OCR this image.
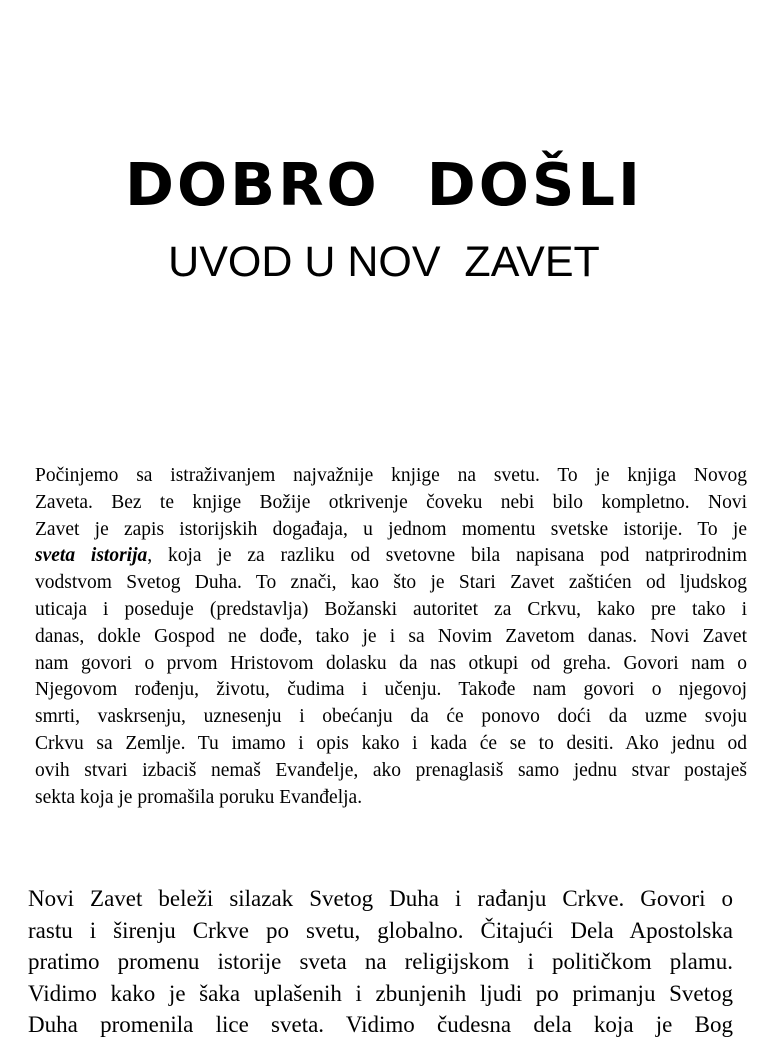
DOBRO  DOŠLI
UVOD U NOV  ZAVET
Počinjemo sa istraživanjem najvažnije knjige na svetu. To je knjiga Novog
Zaveta. Bez te knjige Božije otkrivenje čoveku nebi bilo kompletno. Novi
Zavet je zapis istorijskih događaja, u jednom momentu svetske istorije. To je
sveta istorija, koja je za razliku od svetovne bila napisana pod natprirodnim
vodstvom Svetog Duha. To znači, kao što je Stari Zavet zaštićen od ljudskog
uticaja i poseduje (predstavlja) Božanski autoritet za Crkvu, kako pre tako i
danas, dokle Gospod ne dođe, tako je i sa Novim Zavetom danas. Novi Zavet
nam govori o prvom Hristovom dolasku da nas otkupi od greha. Govori nam o
Njegovom rođenju, životu, čudima i učenju. Takođe nam govori o njegovoj
smrti, vaskrsenju, uznesenju i obećanju da će ponovo doći da uzme svoju
Crkvu sa Zemlje. Tu imamo i opis kako i kada će se to desiti. Ako jednu od
ovih stvari izbaciš nemaš Evanđelje, ako prenaglasiš samo jednu stvar postaješ
sekta koja je promašila poruku Evanđelja.
Novi Zavet beleži silazak Svetog Duha i rađanju Crkve. Govori o
rastu i širenju Crkve po svetu, globalno. Čitajući Dela Apostolska
pratimo promenu istorije sveta na religijskom i političkom plamu.
Vidimo kako je šaka uplašenih i zbunjenih ljudi po primanju Svetog
Duha promenila lice sveta. Vidimo čudesna dela koja je Bog
